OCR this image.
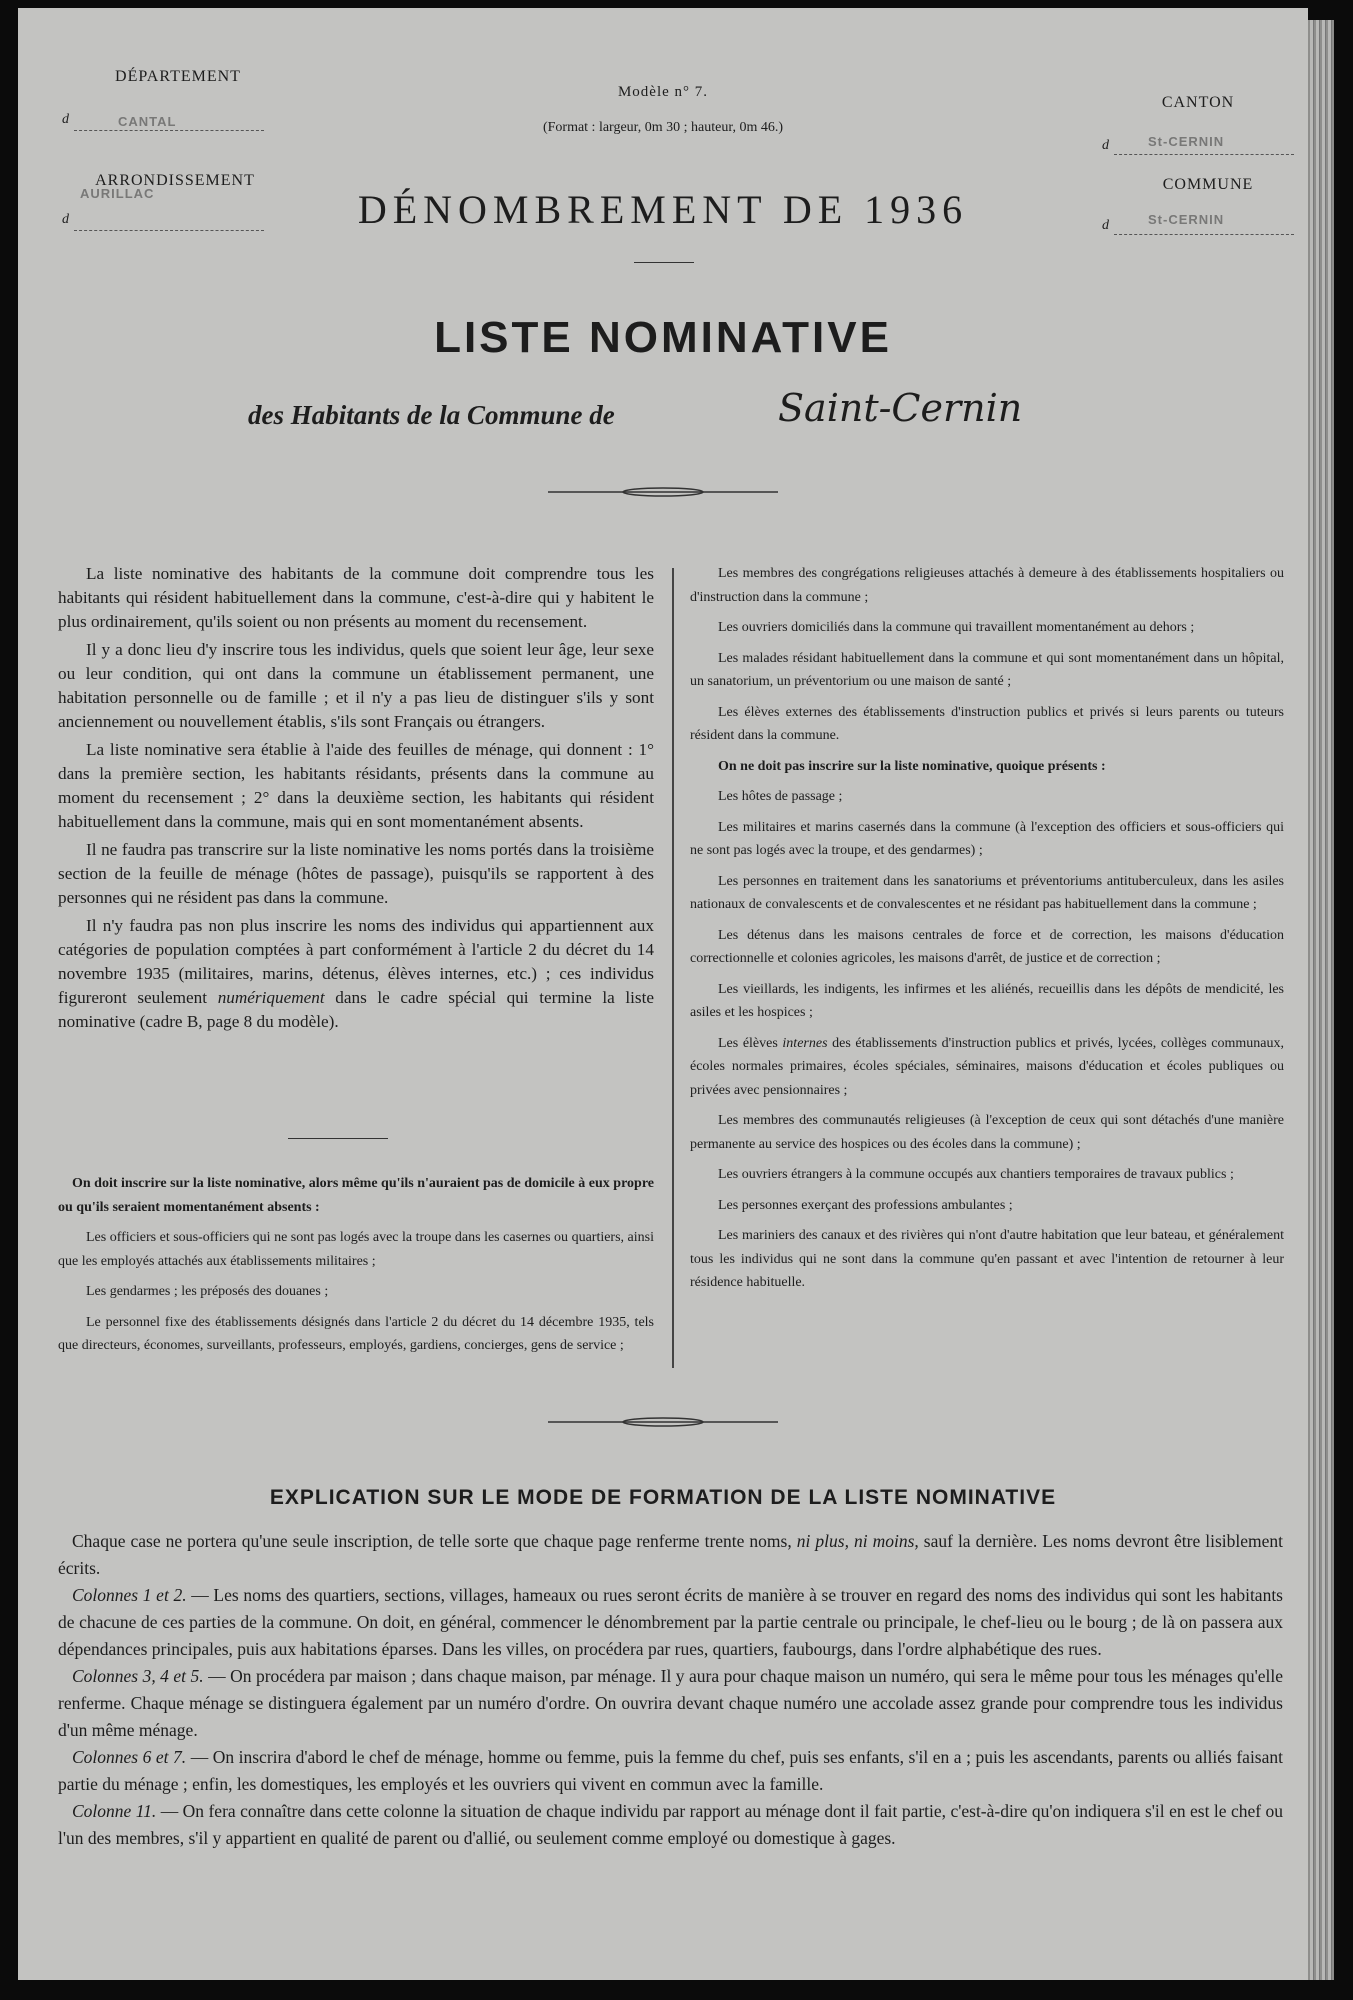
DÉPARTEMENT
d	CANTAL
ARRONDISSEMENT
d
AURILLAC
Modèle n° 7.
(Format : largeur, 0m 30 ; hauteur, 0m 46.)
DÉNOMBREMENT DE 1936
CANTON
d	St-CERNIN
COMMUNE
d	St-CERNIN
LISTE NOMINATIVE
des Habitants de la Commune de	Saint-Cernin

La liste nominative des habitants de la commune doit comprendre tous les habitants qui résident habituellement dans la commune, c'est-à-dire qui y habitent le plus ordinairement, qu'ils soient ou non présents au moment du recensement.

Il y a donc lieu d'y inscrire tous les individus, quels que soient leur âge, leur sexe ou leur condition, qui ont dans la commune un établissement permanent, une habitation personnelle ou de famille ; et il n'y a pas lieu de distinguer s'ils y sont anciennement ou nouvellement établis, s'ils sont Français ou étrangers.

La liste nominative sera établie à l'aide des feuilles de ménage, qui donnent : 1° dans la première section, les habitants résidants, présents dans la commune au moment du recensement ; 2° dans la deuxième section, les habitants qui résident habituellement dans la commune, mais qui en sont momentanément absents.

Il ne faudra pas transcrire sur la liste nominative les noms portés dans la troisième section de la feuille de ménage (hôtes de passage), puisqu'ils se rapportent à des personnes qui ne résident pas dans la commune.

Il n'y faudra pas non plus inscrire les noms des individus qui appartiennent aux catégories de population comptées à part conformément à l'article 2 du décret du 14 novembre 1935 (militaires, marins, détenus, élèves internes, etc.) ; ces individus figureront seulement numériquement dans le cadre spécial qui termine la liste nominative (cadre B, page 8 du modèle).

On doit inscrire sur la liste nominative, alors même qu'ils n'auraient pas de domicile à eux propre ou qu'ils seraient momentanément absents :

Les officiers et sous-officiers qui ne sont pas logés avec la troupe dans les casernes ou quartiers, ainsi que les employés attachés aux établissements militaires ;

Les gendarmes ; les préposés des douanes ;

Le personnel fixe des établissements désignés dans l'article 2 du décret du 14 décembre 1935, tels que directeurs, économes, surveillants, professeurs, employés, gardiens, concierges, gens de service ;

Les membres des congrégations religieuses attachés à demeure à des établissements hospitaliers ou d'instruction dans la commune ;

Les ouvriers domiciliés dans la commune qui travaillent momentanément au dehors ;

Les malades résidant habituellement dans la commune et qui sont momentanément dans un hôpital, un sanatorium, un préventorium ou une maison de santé ;

Les élèves externes des établissements d'instruction publics et privés si leurs parents ou tuteurs résident dans la commune.

On ne doit pas inscrire sur la liste nominative, quoique présents :

Les hôtes de passage ;

Les militaires et marins casernés dans la commune (à l'exception des officiers et sous-officiers qui ne sont pas logés avec la troupe, et des gendarmes) ;

Les personnes en traitement dans les sanatoriums et préventoriums antituberculeux, dans les asiles nationaux de convalescents et de convalescentes et ne résidant pas habituellement dans la commune ;

Les détenus dans les maisons centrales de force et de correction, les maisons d'éducation correctionnelle et colonies agricoles, les maisons d'arrêt, de justice et de correction ;

Les vieillards, les indigents, les infirmes et les aliénés, recueillis dans les dépôts de mendicité, les asiles et les hospices ;

Les élèves internes des établissements d'instruction publics et privés, lycées, collèges communaux, écoles normales primaires, écoles spéciales, séminaires, maisons d'éducation et écoles publiques ou privées avec pensionnaires ;

Les membres des communautés religieuses (à l'exception de ceux qui sont détachés d'une manière permanente au service des hospices ou des écoles dans la commune) ;

Les ouvriers étrangers à la commune occupés aux chantiers temporaires de travaux publics ;

Les personnes exerçant des professions ambulantes ;

Les mariniers des canaux et des rivières qui n'ont d'autre habitation que leur bateau, et généralement tous les individus qui ne sont dans la commune qu'en passant et avec l'intention de retourner à leur résidence habituelle.

EXPLICATION SUR LE MODE DE FORMATION DE LA LISTE NOMINATIVE

Chaque case ne portera qu'une seule inscription, de telle sorte que chaque page renferme trente noms, ni plus, ni moins, sauf la dernière. Les noms devront être lisiblement écrits.

Colonnes 1 et 2. — Les noms des quartiers, sections, villages, hameaux ou rues seront écrits de manière à se trouver en regard des noms des individus qui sont les habitants de chacune de ces parties de la commune. On doit, en général, commencer le dénombrement par la partie centrale ou principale, le chef-lieu ou le bourg ; de là on passera aux dépendances principales, puis aux habitations éparses. Dans les villes, on procédera par rues, quartiers, faubourgs, dans l'ordre alphabétique des rues.

Colonnes 3, 4 et 5. — On procédera par maison ; dans chaque maison, par ménage. Il y aura pour chaque maison un numéro, qui sera le même pour tous les ménages qu'elle renferme. Chaque ménage se distinguera également par un numéro d'ordre. On ouvrira devant chaque numéro une accolade assez grande pour comprendre tous les individus d'un même ménage.

Colonnes 6 et 7. — On inscrira d'abord le chef de ménage, homme ou femme, puis la femme du chef, puis ses enfants, s'il en a ; puis les ascendants, parents ou alliés faisant partie du ménage ; enfin, les domestiques, les employés et les ouvriers qui vivent en commun avec la famille.

Colonne 11. — On fera connaître dans cette colonne la situation de chaque individu par rapport au ménage dont il fait partie, c'est-à-dire qu'on indiquera s'il en est le chef ou l'un des membres, s'il y appartient en qualité de parent ou d'allié, ou seulement comme employé ou domestique à gages.
